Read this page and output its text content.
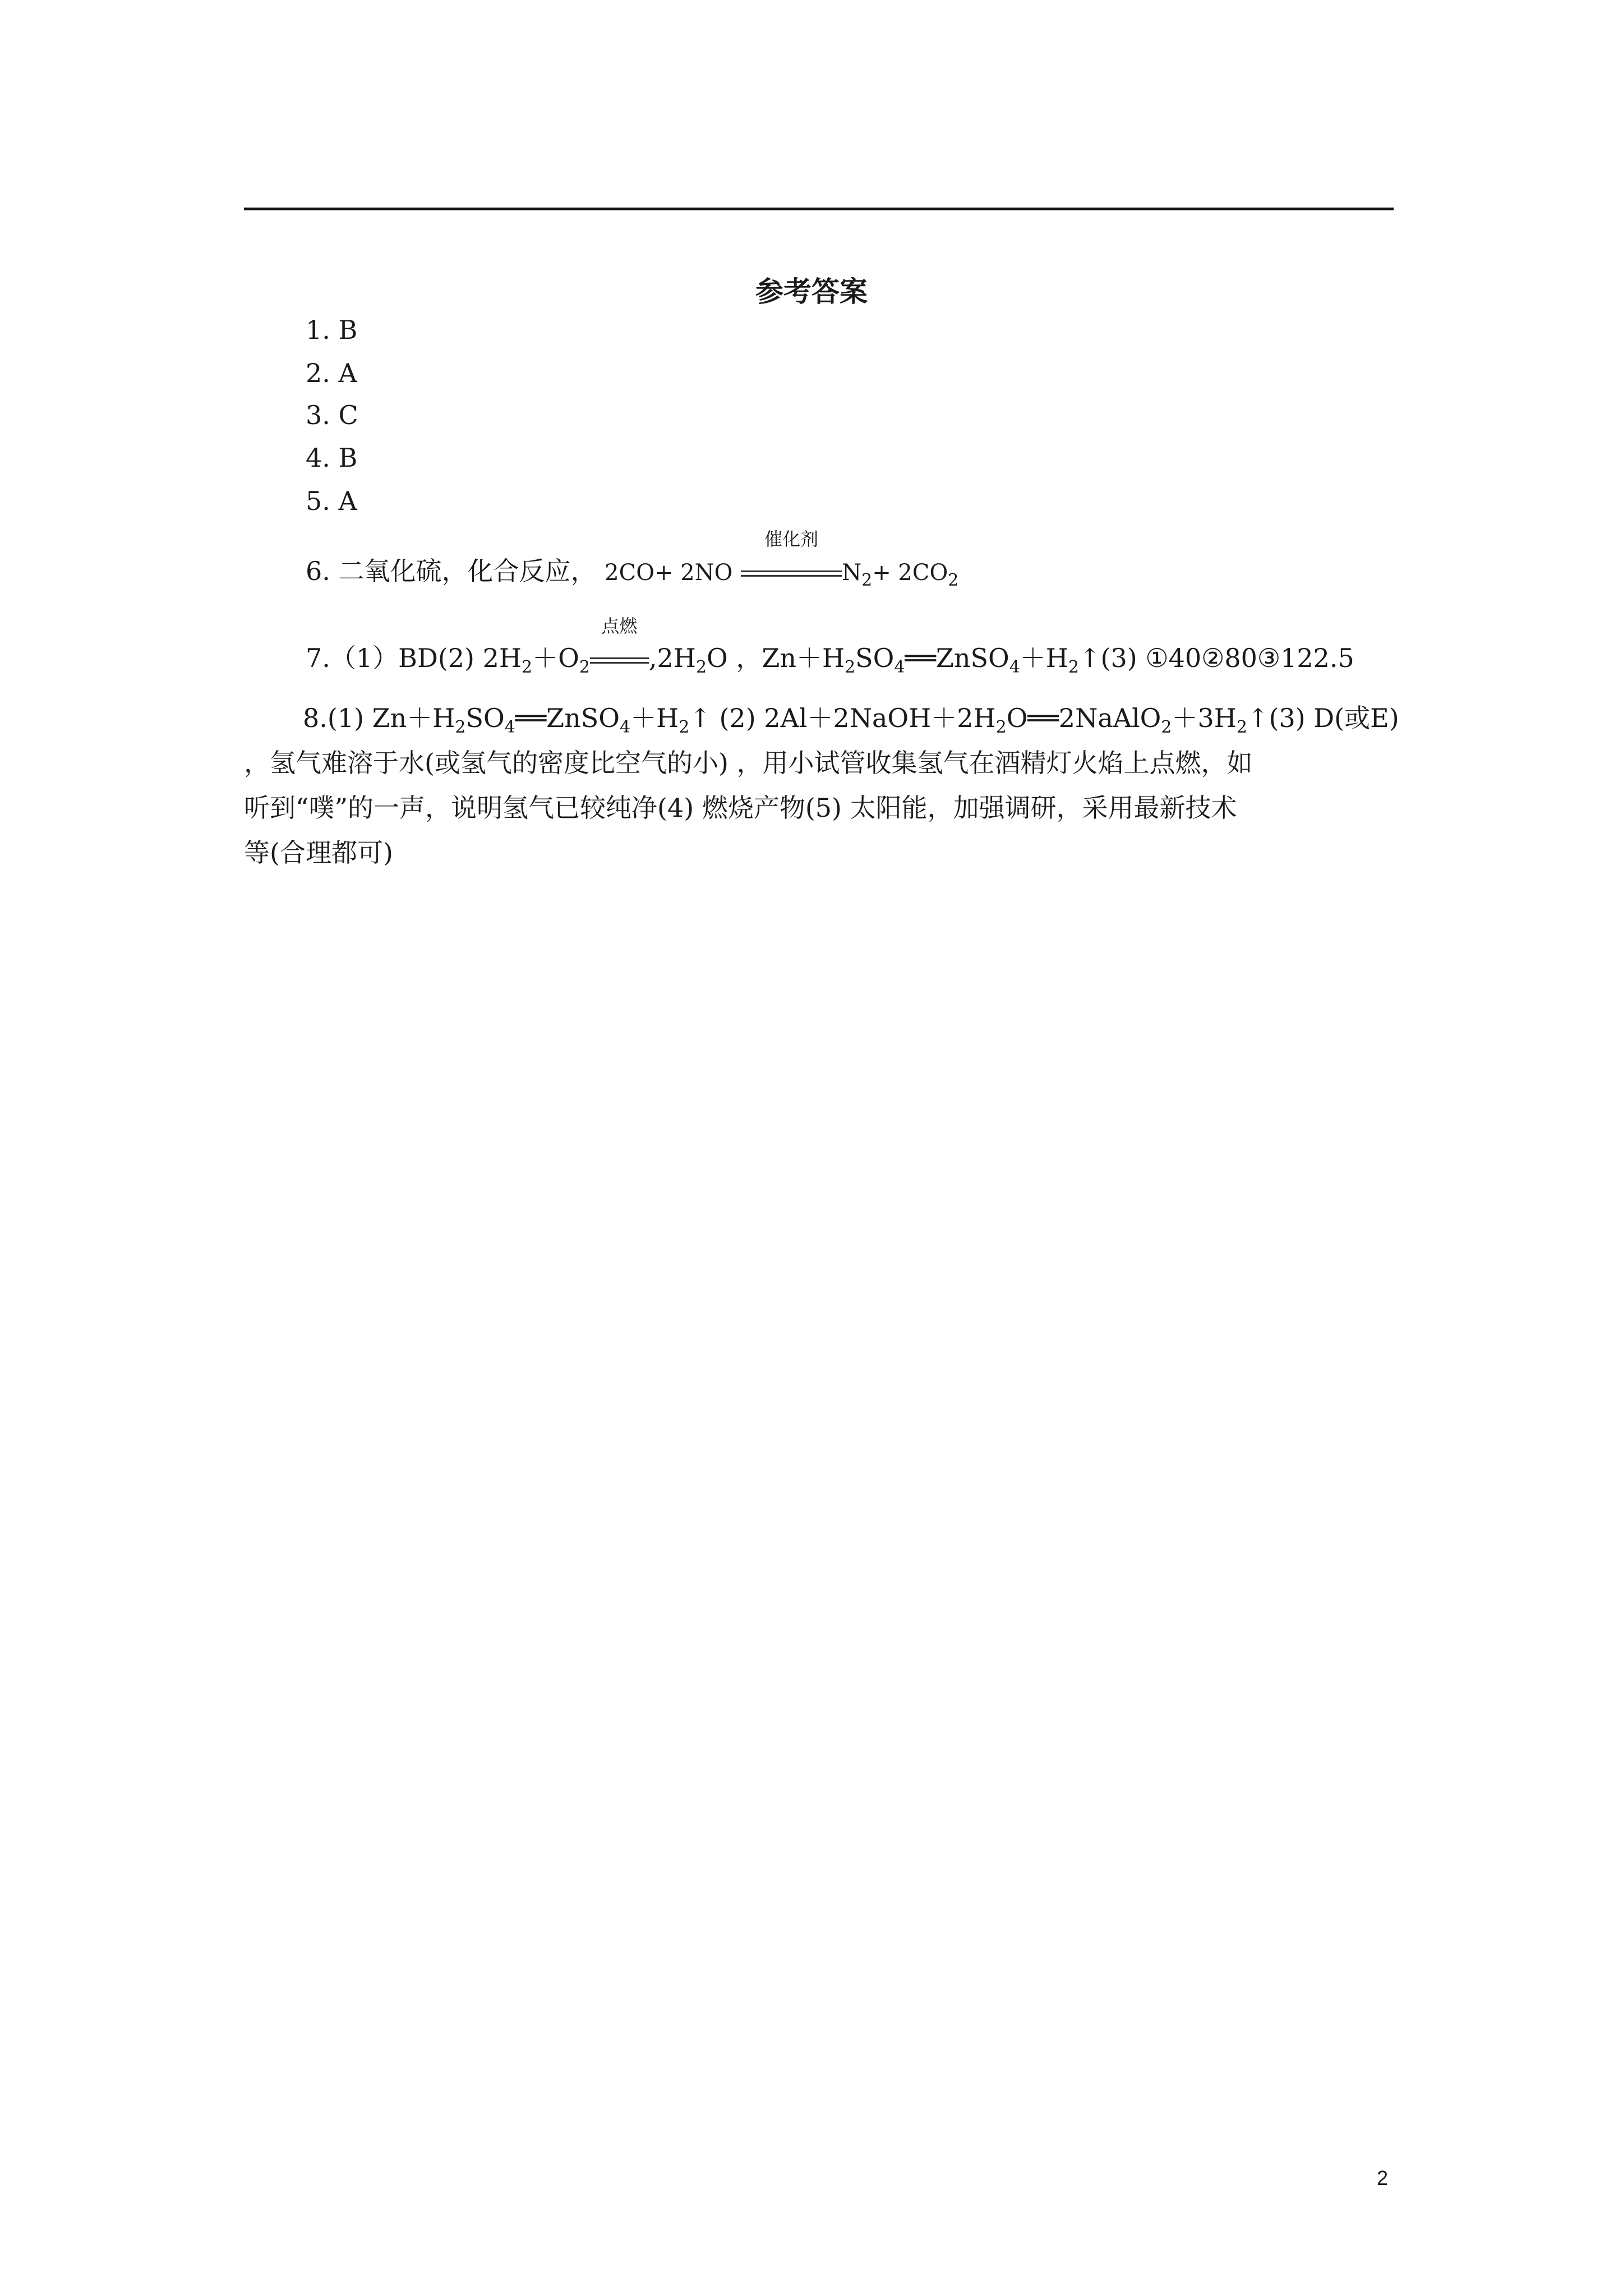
参考答案
1. B
2. A
3. C
4. B
5. A
6. 二氧化硫，化合反应， 2CO+ 2NO
催化剂
$N_2+ 2CO_2$
7.（1）BD(2) $2H_2+O_2$
点燃
$,2H_2O$ ，$Zn+H_2SO_4══ZnSO_4+H_2↑(3)$ ①40②80③122.5
8.(1) $Zn+H_2SO_4══ZnSO_4+H_2↑$ (2) $2Al+2NaOH+2H_2O══2NaAlO_2+3H_2↑(3)$ D(或E)
，氢气难溶于水(或氢气的密度比空气的小) ，用小试管收集氢气在酒精灯火焰上点燃，如
听到“噗”的一声，说明氢气已较纯净(4) 燃烧产物(5) 太阳能，加强调研，采用最新技术
等(合理都可)
2
